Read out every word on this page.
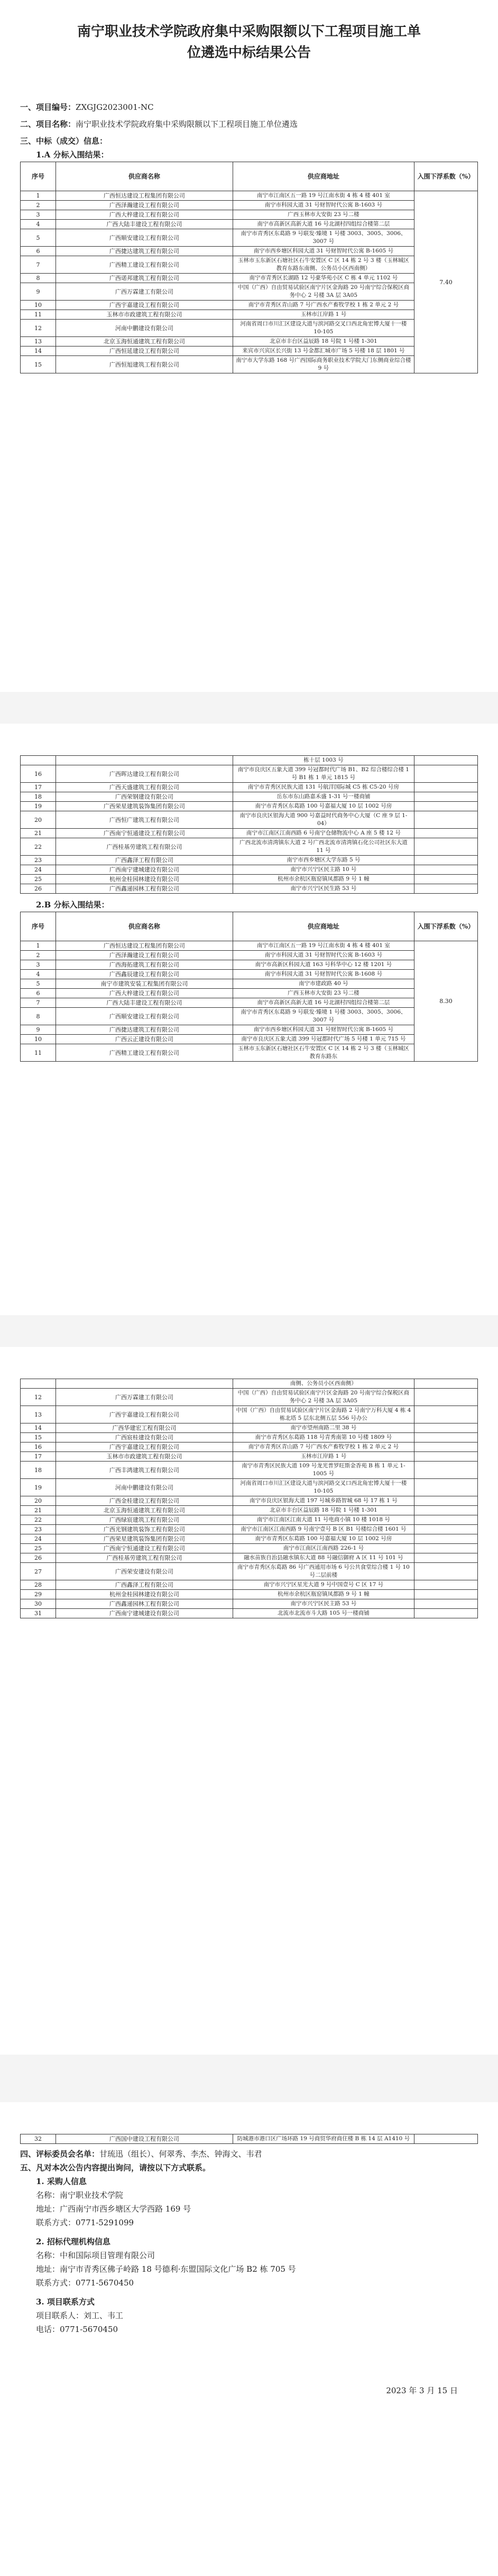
南宁职业技术学院政府集中采购限额以下工程项目施工单
位遴选中标结果公告

一、项目编号：ZXGJG2023001-NC

二、项目名称：南宁职业技术学院政府集中采购限额以下工程项目施工单位遴选

三、中标（成交）信息：

1.A 分标入围结果：

序号	供应商名称	供应商地址	入围下浮系数（%）
1	广西恒达建设工程集团有限公司	南宁市江南区五一路 19 号江南水街 4 栋 4 楼 401 室	7.40
2	广西泽瀚建设工程有限公司	南宁市科园大道 31 号财智时代公寓 B-1603 号	
3	广西大梓建设工程有限公司	广西玉林市大安街 23 号二楼	
4	广西大陆丰建设工程有限公司	南宁市高新区高新大道 16 号北湖村四组综合楼第二层	
5	广西顺安建设工程有限公司	南宁市青秀区东葛路 9 号联发·臻境 1 号楼 3003、3005、3006、3007 号	
6	广西捷达建筑工程有限公司	南宁市西乡塘区科园大道 31 号财智时代公寓 B-1605 号	
7	广西精工建设工程有限公司	玉林市玉东新区石塘社区石牛安置区 C 区 14 栋 2 号 3 楼（玉林城区教育东路东南侧、公务员小区西南侧）	
8	广西诺邦建筑工程有限公司	南宁市青秀区长湖路 12 号豪华苑小区 C 栋 4 单元 1102 号	
9	广西万霖建工有限公司	中国（广西）自由贸易试验区南宁片区金海路 20 号南宁综合保税区商务中心 2 号楼 3A 层 3A05	
10	广西宇嘉建设工程有限公司	南宁市青秀区青山路 7 号广西水产畜牧学校 1 栋 2 单元 2 号	
11	玉林市市政建筑工程有限公司	玉林市江岸路 1 号	
12	河南中鹏建设有限公司	河南省周口市川汇区建设大道与滨河路交叉口西北角宏博大厦十一楼 10-105	
13	北京玉海恒通建筑工程有限公司	北京市丰台区益辰路 18 号院 1 号楼 1-301	
14	广西恒延建设工程有限公司	来宾市兴宾区长兴街 13 号金都汇城市广场 5 号楼 18 层 1801 号	
15	广西恒旭建筑工程有限公司	南宁市大学东路 168 号广西国际商务职业技术学院大门东侧商业综合楼 9 号	
		栋十层 1003 号	
16	广西晖达建设工程有限公司	南宁市良庆区五象大道 399 号冠都时代广场 B1、B2 综合楼综合楼 1 号 B1 栋 1 单元 1815 号	
17	广西天盛建筑工程有限公司	南宁市青秀区民族大道 131 号航洋国际城 C5 栋 C5-20 号房	
18	广西荣钢建设有限公司	岳东市东山路嘉禾盛 1-31 号一楼商铺	
19	广西荣星建筑装饰集团有限公司	南宁市青秀区东葛路 100 号嘉福大厦 10 层 1002 号房	
20	广西恒广建筑工程有限公司	南宁市良庆区银海大道 900 号嘉益时代商务中心大厦（C 座 9 层 1-04）	
21	广西南宁恒通建设工程有限公司	南宁市江南区江南西路 6 号南宁仓储物流中心 A 座 5 楼 12 号	
22	广西桂基劳建筑工程有限公司	广西北流市清湾镇东大道 2 号广西北流市清湾镇石化公司社区东大道 11 号	
23	广西鑫泽工程有限公司	南宁市西乡塘区大学东路 5 号	
24	广西南宁建城建设有限公司	南宁市兴宁区民主路 10 号	
25	杭州金桂园林建设有限公司	杭州市余杭区瓶窑镇凤都路 9 号 1 幢	
26	广西鑫递园林工程有限公司	南宁市兴宁区民生路 53 号	

2.B 分标入围结果：

序号	供应商名称	供应商地址	入围下浮系数（%）
1	广西恒达建设工程集团有限公司	南宁市江南区五一路 19 号江南水街 4 栋 4 楼 401 室	8.30
2	广西泽瀚建设工程有限公司	南宁市科园大道 31 号财智时代公寓 B-1603 号	
3	广西海拓建筑工程有限公司	南宁市高新区科园大道 163 号科华中心 12 楼 1201 号	
4	广西鑫辰建设工程有限公司	南宁市科园大道 31 号财智时代公寓 B-1608 号	
5	南宁市建筑安装工程集团有限公司	南宁市建政路 40 号	
6	广西大梓建设工程有限公司	广西玉林市大安街 23 号二楼	
7	广西大陆丰建设工程有限公司	南宁市高新区高新大道 16 号北湖村四组综合楼第二层	
8	广西顺安建设工程有限公司	南宁市青秀区东葛路 9 号联发·臻境 1 号楼 3003、3005、3006、3007 号	
9	广西捷达建筑工程有限公司	南宁市西乡塘区科园大道 31 号财智时代公寓 B-1605 号	
10	广西云正建设有限公司	南宁市良庆区五象大道 399 号冠都时代广场 5 号楼 1 单元 715 号	
11	广西精工建设工程有限公司	玉林市玉东新区石塘社区石牛安置区 C 区 14 栋 2 号 3 楼（玉林城区教育东路东	
		南侧、公务员小区西南侧）	
12	广西万霖建工有限公司	中国（广西）自由贸易试验区南宁片区金海路 20 号南宁综合保税区商务中心 2 号楼 3A 层 3A05	
13	广西宇嘉建设工程有限公司	中国（广西）自由贸易试验区南宁片区金海路 2 号南宁万科大厦 4 栋 4 栋北塔 5 层东北侧五层 556 号办公	
14	广西华建宏工程有限公司	南宁市望州南路二里 38 号	
15	广西宸桂建设有限公司	南宁市青秀区东葛路 118 号青秀南第 10 号楼 1809 号	
16	广西宇嘉建设工程有限公司	南宁市青秀区青山路 7 号广西水产畜牧学校 1 栋 2 单元 2 号	
17	玉林市市政建筑工程有限公司	玉林市江岸路 1 号	
18	广西丰鸿建筑工程有限公司	南宁市青秀区民族大道 109 号龙光普罗旺斯金香苑 B 栋 1 单元 1-1005 号	
19	河南中鹏建设有限公司	河南省周口市川汇区建设大道与滨河路交叉口西北角宏博大厦十一楼 10-105	
20	广西金桂建设工程有限公司	南宁市良庆区银海大道 197 号城乡路智城 68 号 17 栋 1 号	
21	北京玉海恒通建筑工程有限公司	北京市丰台区益辰路 18 号院 1 号楼 1-301	
22	广西绿宸建筑工程有限公司	南宁市江南区江南大道 11 号电商小镇 10 楼 1018 号	
23	广西光钢建筑装饰工程有限公司	南宁市江南区江南西路 9 号南宁壹号 B 区 B1 号楼综合楼 1601 号	
24	广西荣星建筑装饰集团有限公司	南宁市青秀区东葛路 100 号嘉福大厦 10 层 1002 号房	
25	广西南宁恒通建设工程有限公司	南宁市江南区江南西路 226-1 号	
26	广西桂基劳建筑工程有限公司	融水苗族自治县融水镇东大道 88 号融信御府 A 区 11 号 101 号	
27	广西荣安建设有限公司	南宁市青秀区东葛路 86 号广西通用市场 6 号公共食堂综合楼 1 号 10 号二层前楼	
28	广西鑫泽工程有限公司	南宁市兴宁区星光大道 9 号中国壹号 C 区 17 号	
29	杭州金桂园林建设有限公司	杭州市余杭区瓶窑镇凤都路 9 号 1 幢	
30	广西鑫递园林工程有限公司	南宁市兴宁区民主路 53 号	
31	广西南宁建城建设有限公司	北流市北流市斗大路 105 号一楼商铺	
32	广西国中建设工程有限公司	防城港市港口区广场环路 19 号商贸华府商住楼 B 栋 14 层 A1410 号	

四、评标委员会名单：甘琉迅（组长）、何翠秀、李杰、钟海文、韦君

五、凡对本次公告内容提出询问，请按以下方式联系。

1. 采购人信息

名称：南宁职业技术学院

地址：广西南宁市西乡塘区大学西路 169 号

联系方式：0771-5291099

2. 招标代理机构信息

名称：中和国际项目管理有限公司

地址：南宁市青秀区佛子岭路 18 号德利·东盟国际文化广场 B2 栋 705 号

联系方式：0771-5670450

3. 项目联系方式

项目联系人：刘工、韦工

电话：0771-5670450

2023 年 3 月 15 日
